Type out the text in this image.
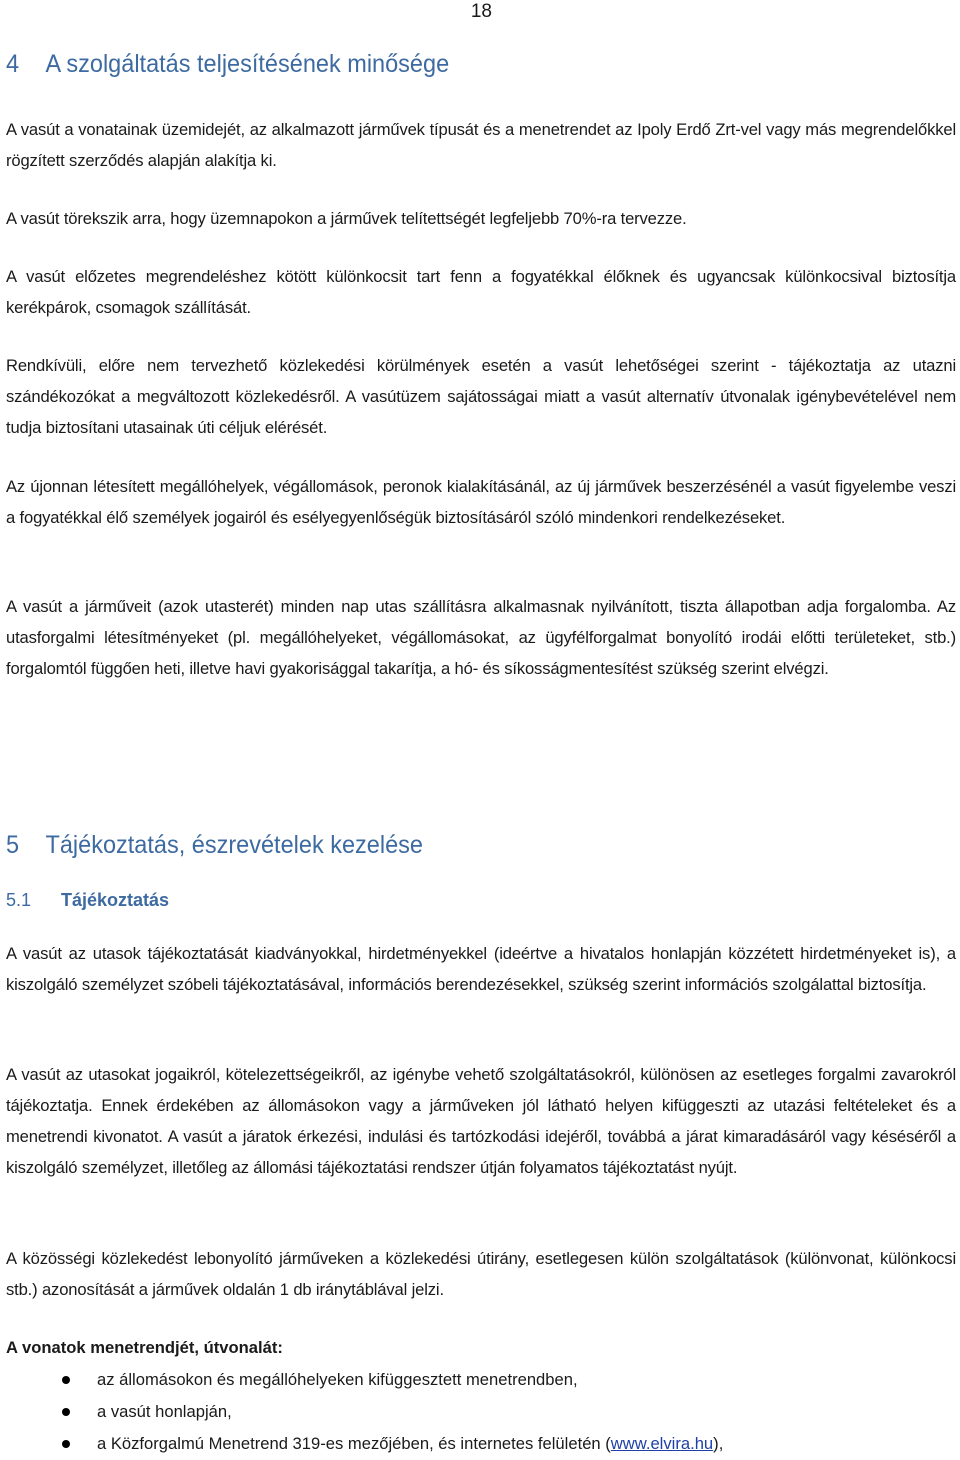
18
4 A szolgáltatás teljesítésének minősége

A vasút a vonatainak üzemidejét, az alkalmazott járművek típusát és a menetrendet az Ipoly Erdő Zrt-vel vagy más megrendelőkkel rögzített szerződés alapján alakítja ki.

A vasút törekszik arra, hogy üzemnapokon a járművek telítettségét legfeljebb 70%-ra tervezze.

A vasút előzetes megrendeléshez kötött különkocsit tart fenn a fogyatékkal élőknek és ugyancsak különkocsival biztosítja kerékpárok, csomagok szállítását.

Rendkívüli, előre nem tervezhető közlekedési körülmények esetén a vasút lehetőségei szerint - tájékoztatja az utazni szándékozókat a megváltozott közlekedésről. A vasútüzem sajátosságai miatt a vasút alternatív útvonalak igénybevételével nem tudja biztosítani utasainak úti céljuk elérését.

Az újonnan létesített megállóhelyek, végállomások, peronok kialakításánál, az új járművek beszerzésénél a vasút figyelembe veszi a fogyatékkal élő személyek jogairól és esélyegyenlőségük biztosításáról szóló mindenkori rendelkezéseket.

A vasút a járműveit (azok utasterét) minden nap utas szállításra alkalmasnak nyilvánított, tiszta állapotban adja forgalomba. Az utasforgalmi létesítményeket (pl. megállóhelyeket, végállomásokat, az ügyfélforgalmat bonyolító irodái előtti területeket, stb.) forgalomtól függően heti, illetve havi gyakorisággal takarítja, a hó- és síkosságmentesítést szükség szerint elvégzi.

5 Tájékoztatás, észrevételek kezelése
5.1 Tájékoztatás

A vasút az utasok tájékoztatását kiadványokkal, hirdetményekkel (ideértve a hivatalos honlapján közzétett hirdetményeket is), a kiszolgáló személyzet szóbeli tájékoztatásával, információs berendezésekkel, szükség szerint információs szolgálattal biztosítja.

A vasút az utasokat jogaikról, kötelezettségeikről, az igénybe vehető szolgáltatásokról, különösen az esetleges forgalmi zavarokról tájékoztatja. Ennek érdekében az állomásokon vagy a járműveken jól látható helyen kifüggeszti az utazási feltételeket és a menetrendi kivonatot. A vasút a járatok érkezési, indulási és tartózkodási idejéről, továbbá a járat kimaradásáról vagy késéséről a kiszolgáló személyzet, illetőleg az állomási tájékoztatási rendszer útján folyamatos tájékoztatást nyújt.

A közösségi közlekedést lebonyolító járműveken a közlekedési útirány, esetlegesen külön szolgáltatások (különvonat, különkocsi stb.) azonosítását a járművek oldalán 1 db iránytáblával jelzi.

A vonatok menetrendjét, útvonalát:

az állomásokon és megállóhelyeken kifüggesztett menetrendben,
a vasút honlapján,
a Közforgalmú Menetrend 319-es mezőjében, és internetes felületén (www.elvira.hu),
